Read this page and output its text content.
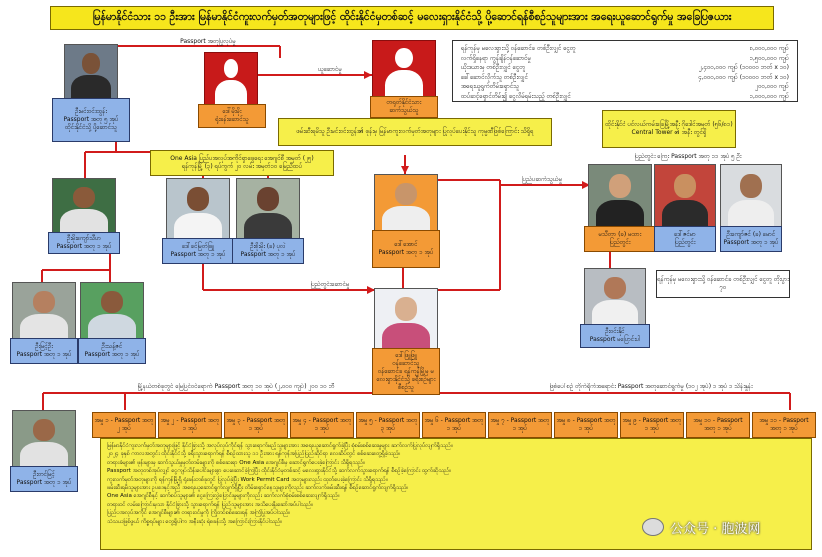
မြန်မာနိုင်ငံသား ၁၁ ဦးအား မြန်မာနိုင်ငံကူးလက်မှတ်အတုများဖြင့် ထိုင်းနိုင်ငံမှတစ်ဆင့် မလေးရှားနိုင်ငံသို့ ပို့ဆောင်ရန်စီစဉ်သူများအား အရေးယူဆောင်ရွက်မှု အခြေပြဇယား
Passport အတုပြုလုပ်မှု
ယူဆောင်မှု
ပြည်ပဆက်သွယ်မှု
ပြည်တွင်းဆောင်မှု
ဦးမင်းဝင်းထွန်း
Passport အတု ၅ အုပ်
ထိုင်းနိုင်ငံသို့ ပို့ဆောင်သူ
ဒေါ်မိုးမိုး
ရုံးခန်းဆောင်သူ
တရုတ်နိုင်ငံသား
ဆက်သွယ်သူ
ရန်ကုန်မှ မလေးရှားသို့ ဝန်ဆောင်ခ တစ်ဦးလျှင် ငွေတူ	၈,၀၀၀,၀၀၀ ကျပ်
လက်ရှိနေရာ ကွန်ချိန်ဝန်ဆောင်မှု	၁,၅၀၀,၀၀၀ ကျပ်
ယိုးဒယားမှ တစ်ဦးလျှင် ငွေတူ	၂,၄၀၀,၀၀၀ ကျပ် (၁၀၀၀၀ ဘတ် x ၁၀)
ခေါ်ဆောင်လိုက်သူ တစ်ဦးလျှင်	၄,၀၀၀,၀၀၀ ကျပ် (၁၀၀၀၀ ဘတ် x ၁၀)
အရေးယူရွက်တိမ်းရှောင်သူ	၂၀၀,၀၀၀ ကျပ်
ထပ်ဆင့်ရှောင်တိမ်း၍ ငွေလိမ်ရမ်းသည့် တစ်ဦးလျှင်	၁,၀၀၀,၀၀၀ ကျပ်
ဖမ်းဆီးရမိသူ ဦးမင်းဝင်းထွန်း၏ ဖုန်းမှ မြန်မာကူးလက်မှတ်အတုများ ပြုလုပ်ပေးနိုင်သူ ကုမ္ပဏီဖြစ်ကြောင်း သိရှိရ
One Asia ပြည်ပအလုပ်အကိုင်ရှာဖွေရေး အေဂျင်စီ အမှတ် (၂၅)
ရန်ကုန်မြို့ (၃) ရပ်ကွက် ၂၀ လမ်း အမှတ်၁၀ မြေညီထပ်
ထိုင်းနိုင်ငံ ပင်လယ်ကမ်းခြေမြို့အနီး ဂိုဒေါင်အမှတ် (၅၆/၈၁)
Central Tower ၏ အနီး တွင်ရှိ
ပြည်တွင်း ကြေး Passport အတု ၁၁ အုပ် ၅ ဦး
ဦးမိုးကျော်သီဟ
Passport အတု ၁ အုပ်	ဒေါ်ခင်မြတ်ဖြူ
Passport အတု ၁ အုပ်
ဦးစိုးမိုး (ခ) ပုလဲ
Passport အတု ၁ အုပ်
ဒေါ်အောင်
Passport အတု ၁ အုပ်
မသီတာ (ခ) မထား
ပြည်တွင်း
ဒေါ်ဇင်မာ
ပြည်တွင်း
ဦးကျော်ဇင် (ခ) မောင်
Passport အတု ၁ အုပ်
ဦးဝင်းနိုင်
Passport မပြောင်းပါ
ရန်ကုန်မှ မလေးရှားသို့ ဝန်ဆောင်ခ တစ်ဦးလျှင် ငွေတူ တိုးပွား ၇ဝ
ဦးမြင့်ဦး
Passport အတု ၁ အုပ်
ဦးသန့်ဇင်
Passport အတု ၁ အုပ်	ဒေါ်ဖြူဖြူ
ဝန်ဆောင်သူ
ဝန်ဆောင်ခ ရန်ကုန်မြို့မှ မလေးရှားနိုင်ငံသို့ ခရီးစဉ်များ စီစဉ်သူ
မြို့နယ်တစ်ခုတွင် မြေပြင်ဝင်ရောက် Passport အတု ၁၀ အုပ် (၂,၀၀၀ ကျပ်) ၂၀၀ ၁၀ ဘီ	ဖြစ်ပေါ်စဉ် တိုက်ရိုက်အရောင်း Passport အတုဆောင်ရွက်မှု (၁၀၂ အုပ်) ၁ အုပ် ၁ သိန်းနှုန်း
ဦးတင်မြင့်
Passport အတု ၁ အုပ်
အမှု ၁ - Passport အတု ၂ အုပ်
အမှု ၂ - Passport အတု ၁ အုပ်
အမှု ၃ - Passport အတု ၁ အုပ်
အမှု ၄ - Passport အတု ၁ အုပ်
အမှု ၅ - Passport အတု ၃ အုပ်
အမှု ၆ - Passport အတု ၁ အုပ်
အမှု ၇ - Passport အတု ၁ အုပ်
အမှု ၈ - Passport အတု ၁ အုပ်
အမှု ၉ - Passport အတု ၁ အုပ်
အမှု ၁၀ - Passport အတု ၁ အုပ်
အမှု ၁၁ - Passport အတု ၁ အုပ်
မြန်မာနိုင်ငံကူးလက်မှတ်အတုများဖြင့် နိုင်ငံခြားသို့ အလုပ်လုပ်ကိုင်ရန် သွားရောက်မည့်သူများအား အရေးယူဆောင်ရွက်ခဲ့ပြီး စုံစမ်းစစ်ဆေးမှုများ ဆက်လက်ပြုလုပ်လျက်ရှိသည်။
၂၀၂၄ ခုနှစ် ကာလအတွင်း ထိုင်းနိုင်ငံသို့ ခရီးသွားရောက်ရန် စီစဉ်ထားသူ ၁၁ ဦးအား ရန်ကုန်အပြည်ပြည်ဆိုင်ရာ လေဆိပ်တွင် စစ်ဆေးတွေ့ရှိခဲ့သည်။
တရားခံများ၏ ဖုန်းများမှ ဆက်သွယ်မှုမှတ်တမ်းများကို စစ်ဆေးရာ One Asia အေဂျင်စီမှ ဆောင်ရွက်ပေးခဲ့ကြောင်း သိရှိရသည်။
Passport အတုတစ်အုပ်လျှင် ငွေကျပ်သိန်းပေါင်းများစွာ ပေးဆောင်ခဲ့ကြပြီး ထိုင်းနိုင်ငံမှတစ်ဆင့် မလေးရှားနိုင်ငံသို့ ဆက်လက်သွားရောက်ရန် စီစဉ်ခဲ့ကြောင်း ထွက်ဆိုသည်။
ကူးလက်မှတ်အတုများကို ရန်ကုန်မြို့ရှိ ရုံးခန်းတစ်ခုတွင် ပြုလုပ်ခဲ့ပြီး Work Permit Card အတုများလည်း ထုတ်ပေးခဲ့ကြောင်း သိရှိရသည်။
ဖမ်းဆီးရမိသူများအား ဥပဒေနှင့်အညီ အရေးယူဆောင်ရွက်လျက်ရှိပြီး တိမ်းရှောင်နေသူများကိုလည်း ဆက်လက်ဖမ်းဆီးရန် စီစဉ်ဆောင်ရွက်လျက်ရှိသည်။
One Asia အေဂျင်စီနှင့် ဆက်စပ်သူများ၏ ငွေကြေးလွှဲပြောင်းမှုများကိုလည်း ဆက်လက်စုံစမ်းစစ်ဆေးလျက်ရှိသည်။
တရားဝင် လမ်းကြောင်းမှသာ နိုင်ငံခြားသို့ သွားရောက်ရန် ပြည်သူများအား အသိပေးနှိုးဆော်အပ်ပါသည်။
ပြည်ပအလုပ်အကိုင် အေဂျင်စီများ၏ တရားဝင်မှုကို ကြိုတင်စစ်ဆေးရန် အကြံပြုအပ်ပါသည်။
သံသယဖြစ်ဖွယ် ကိစ္စရပ်များ တွေ့ရှိပါက အနီးဆုံး ရဲစခန်းသို့ အကြောင်းကြားနိုင်ပါသည်။	公众号 · 胞波网
